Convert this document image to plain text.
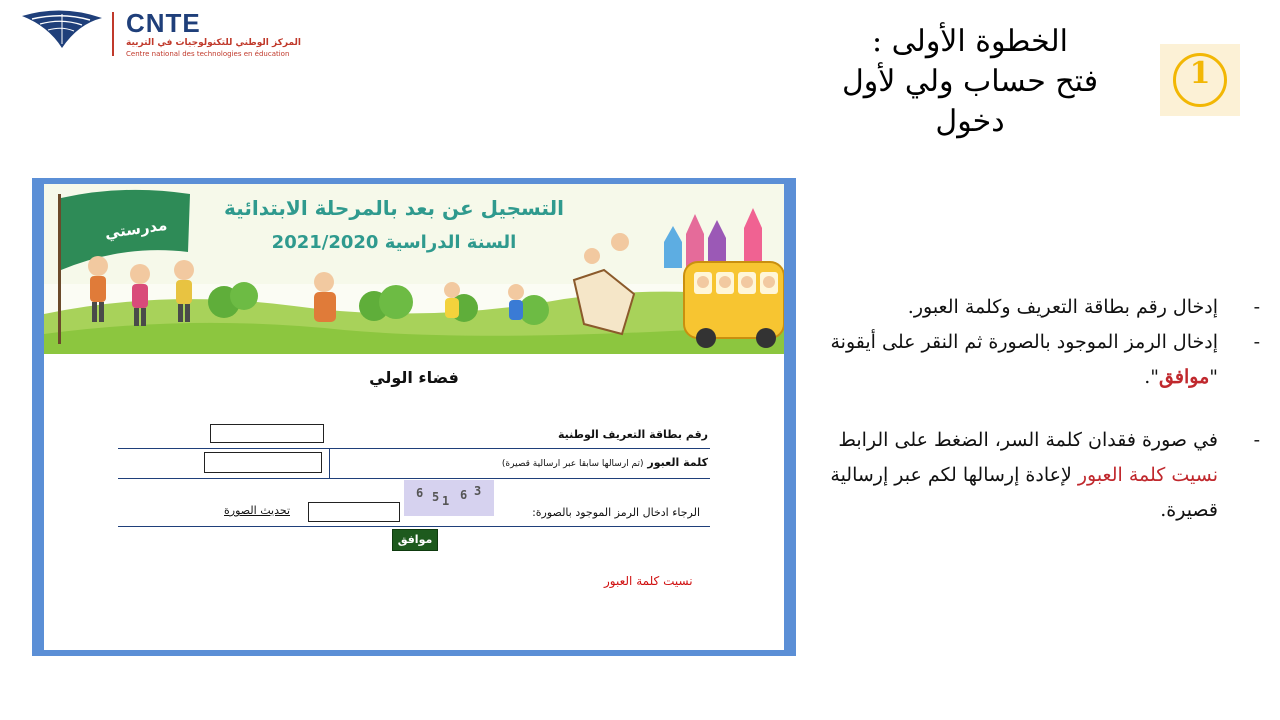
CNTE
المركز الوطني للتكنولوجيات في التربية
Centre national des technologies en éducation	الخطوة الأولى :
فتح حساب ولي لأول
دخول
1
التسجيل عن بعد بالمرحلة الابتدائية
السنة الدراسية 2021/2020
مدرستي
فضاء الولي
رقم بطاقة التعريف الوطنية
كلمة العبور (تم ارسالها سابقا عبر ارسالية قصيرة)
6 5
1 6 3
الرجاء ادخال الرمز الموجود بالصورة:
تحديث الصورة
موافق
نسيت كلمة العبور
-
إدخال رقم بطاقة التعريف وكلمة العبور.
-
إدخال الرمز الموجود بالصورة ثم النقر على أيقونة "موافق".
-
في صورة فقدان كلمة السر، الضغط على الرابط نسيت كلمة العبور لإعادة إرسالها لكم عبر إرسالية قصيرة.
